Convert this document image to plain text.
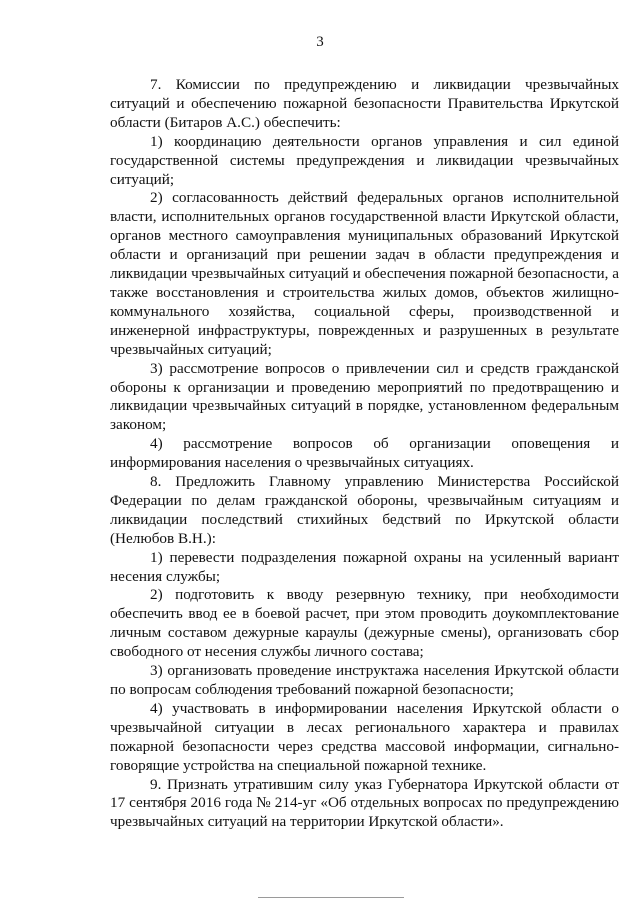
3

7. Комиссии по предупреждению и ликвидации чрезвычайных ситуаций и обеспечению пожарной безопасности Правительства Иркутской области (Битаров А.С.) обеспечить:

1) координацию деятельности органов управления и сил единой государственной системы предупреждения и ликвидации чрезвычайных ситуаций;

2) согласованность действий федеральных органов исполнительной власти, исполнительных органов государственной власти Иркутской области, органов местного самоуправления муниципальных образований Иркутской области и организаций при решении задач в области предупреждения и ликвидации чрезвычайных ситуаций и обеспечения пожарной безопасности, а также восстановления и строительства жилых домов, объектов жилищно-коммунального хозяйства, социальной сферы, производственной и инженерной инфраструктуры, поврежденных и разрушенных в результате чрезвычайных ситуаций;

3) рассмотрение вопросов о привлечении сил и средств гражданской обороны к организации и проведению мероприятий по предотвращению и ликвидации чрезвычайных ситуаций в порядке, установленном федеральным законом;

4) рассмотрение вопросов об организации оповещения и информирования населения о чрезвычайных ситуациях.

8. Предложить Главному управлению Министерства Российской Федерации по делам гражданской обороны, чрезвычайным ситуациям и ликвидации последствий стихийных бедствий по Иркутской области (Нелюбов В.Н.):

1) перевести подразделения пожарной охраны на усиленный вариант несения службы;

2) подготовить к вводу резервную технику, при необходимости обеспечить ввод ее в боевой расчет, при этом проводить доукомплектование личным составом дежурные караулы (дежурные смены), организовать сбор свободного от несения службы личного состава;

3) организовать проведение инструктажа населения Иркутской области по вопросам соблюдения требований пожарной безопасности;

4) участвовать в информировании населения Иркутской области о чрезвычайной ситуации в лесах регионального характера и правилах пожарной безопасности через средства массовой информации, сигнально-говорящие устройства на специальной пожарной технике.

9. Признать утратившим силу указ Губернатора Иркутской области от 17 сентября 2016 года № 214-уг «Об отдельных вопросах по предупреждению чрезвычайных ситуаций на территории Иркутской области».
